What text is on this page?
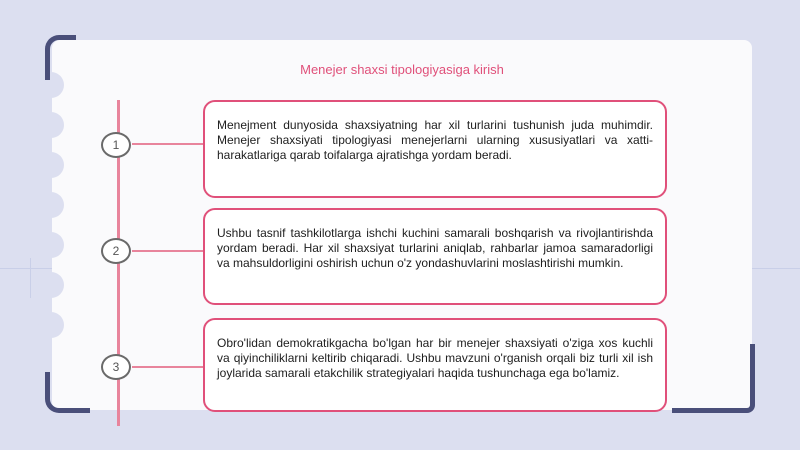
Menejer shaxsi tipologiyasiga kirish
1
Menejment dunyosida shaxsiyatning har xil turlarini tushunish juda muhimdir. Menejer shaxsiyati tipologiyasi menejerlarni ularning xususiyatlari va xatti-harakatlariga qarab toifalarga ajratishga yordam beradi.
2
Ushbu tasnif tashkilotlarga ishchi kuchini samarali boshqarish va rivojlantirishda yordam beradi. Har xil shaxsiyat turlarini aniqlab, rahbarlar jamoa samaradorligi va mahsuldorligini oshirish uchun o'z yondashuvlarini moslashtirishi mumkin.
3
Obro'lidan demokratikgacha bo'lgan har bir menejer shaxsiyati o'ziga xos kuchli va qiyinchiliklarni keltirib chiqaradi. Ushbu mavzuni o'rganish orqali biz turli xil ish joylarida samarali etakchilik strategiyalari haqida tushunchaga ega bo'lamiz.
